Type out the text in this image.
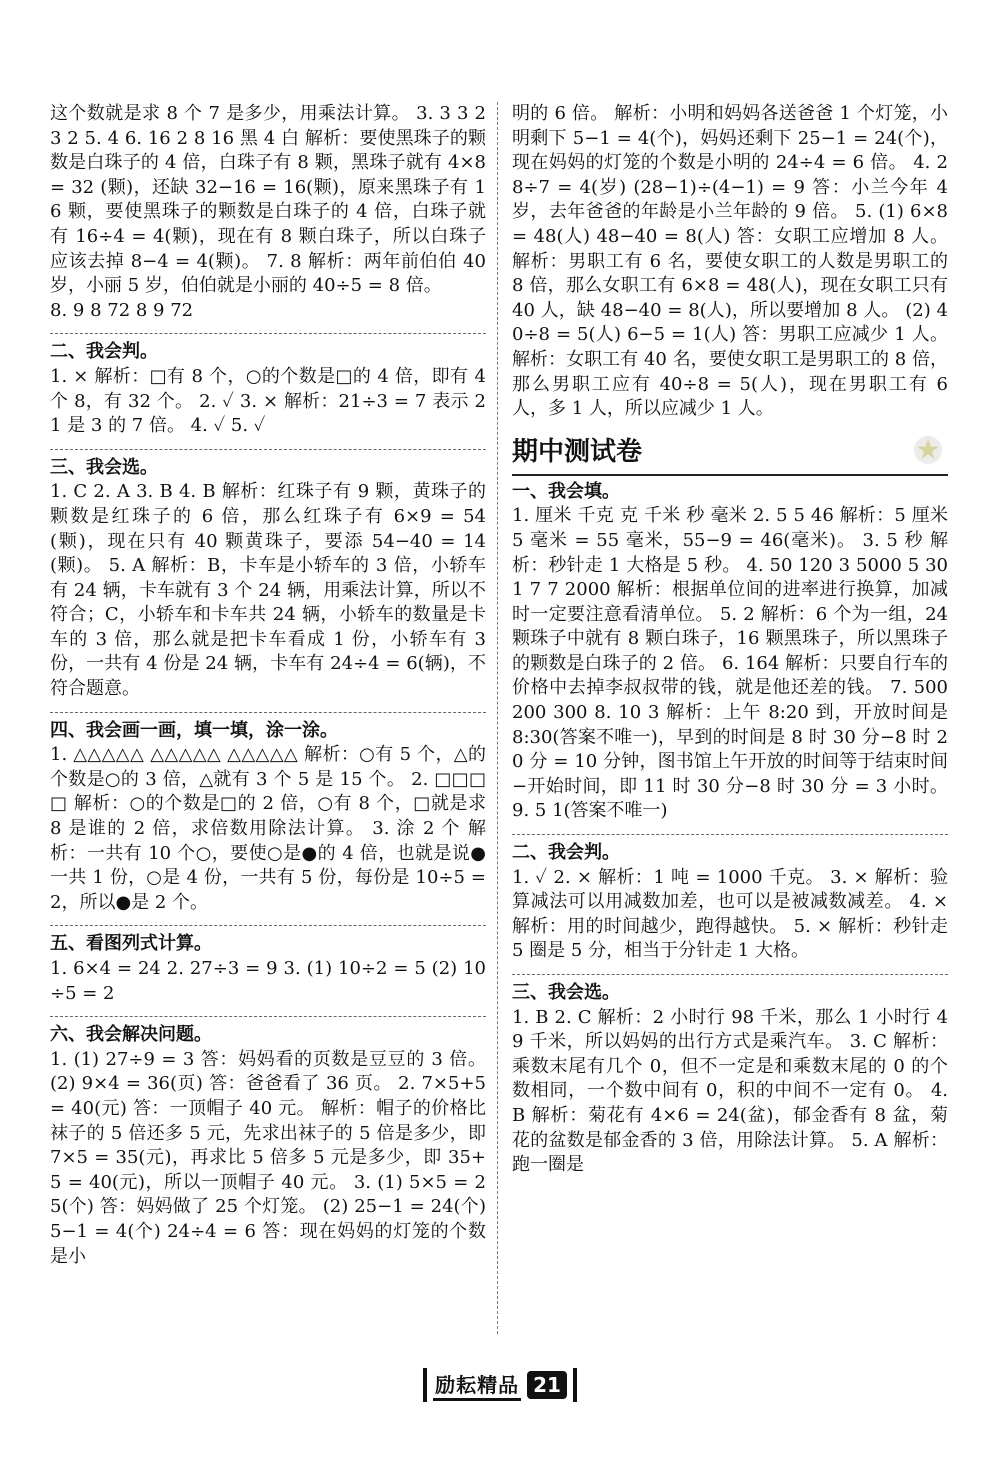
这个数就是求 8 个 7 是多少，用乘法计算。 3. 3 3 2 3 2 5. 4 6. 16 2 8 16 黑 4 白 解析：要使黑珠子的颗数是白珠子的 4 倍，白珠子有 8 颗，黑珠子就有 4×8 = 32 (颗)，还缺 32−16 = 16(颗)，原来黑珠子有 16 颗，要使黑珠子的颗数是白珠子的 4 倍，白珠子就有 16÷4 = 4(颗)，现在有 8 颗白珠子，所以白珠子应该去掉 8−4 = 4(颗)。 7. 8 解析：两年前伯伯 40 岁，小丽 5 岁，伯伯就是小丽的 40÷5 = 8 倍。

8. 9 8 72 8 9 72

二、我会判。

1. × 解析：□有 8 个，○的个数是□的 4 倍，即有 4 个 8，有 32 个。 2. ✓ 3. × 解析：21÷3 = 7 表示 21 是 3 的 7 倍。 4. ✓ 5. ✓

三、我会选。

1. C 2. A 3. B 4. B 解析：红珠子有 9 颗，黄珠子的颗数是红珠子的 6 倍，那么红珠子有 6×9 = 54(颗)，现在只有 40 颗黄珠子，要添 54−40 = 14(颗)。 5. A 解析：B，卡车是小轿车的 3 倍，小轿车有 24 辆，卡车就有 3 个 24 辆，用乘法计算，所以不符合；C，小轿车和卡车共 24 辆，小轿车的数量是卡车的 3 倍，那么就是把卡车看成 1 份，小轿车有 3 份，一共有 4 份是 24 辆，卡车有 24÷4 = 6(辆)，不符合题意。

四、我会画一画，填一填，涂一涂。

1. △△△△△ △△△△△ △△△△△ 解析：○有 5 个，△的个数是○的 3 倍，△就有 3 个 5 是 15 个。 2. □□□□ 解析：○的个数是□的 2 倍，○有 8 个，□就是求 8 是谁的 2 倍，求倍数用除法计算。 3. 涂 2 个 解析：一共有 10 个○，要使○是●的 4 倍，也就是说●一共 1 份，○是 4 份，一共有 5 份，每份是 10÷5 = 2，所以●是 2 个。

五、看图列式计算。

1. 6×4 = 24 2. 27÷3 = 9 3. (1) 10÷2 = 5 (2) 10÷5 = 2

六、我会解决问题。

1. (1) 27÷9 = 3 答：妈妈看的页数是豆豆的 3 倍。 (2) 9×4 = 36(页) 答：爸爸看了 36 页。 2. 7×5+5 = 40(元) 答：一顶帽子 40 元。 解析：帽子的价格比袜子的 5 倍还多 5 元，先求出袜子的 5 倍是多少，即 7×5 = 35(元)，再求比 5 倍多 5 元是多少，即 35+5 = 40(元)，所以一顶帽子 40 元。 3. (1) 5×5 = 25(个) 答：妈妈做了 25 个灯笼。 (2) 25−1 = 24(个) 5−1 = 4(个) 24÷4 = 6 答：现在妈妈的灯笼的个数是小

明的 6 倍。 解析：小明和妈妈各送爸爸 1 个灯笼，小明剩下 5−1 = 4(个)，妈妈还剩下 25−1 = 24(个)，现在妈妈的灯笼的个数是小明的 24÷4 = 6 倍。 4. 28÷7 = 4(岁) (28−1)÷(4−1) = 9 答：小兰今年 4 岁，去年爸爸的年龄是小兰年龄的 9 倍。 5. (1) 6×8 = 48(人) 48−40 = 8(人) 答：女职工应增加 8 人。 解析：男职工有 6 名，要使女职工的人数是男职工的 8 倍，那么女职工有 6×8 = 48(人)，现在女职工只有 40 人，缺 48−40 = 8(人)，所以要增加 8 人。 (2) 40÷8 = 5(人) 6−5 = 1(人) 答：男职工应减少 1 人。 解析：女职工有 40 名，要使女职工是男职工的 8 倍，那么男职工应有 40÷8 = 5(人)，现在男职工有 6 人，多 1 人，所以应减少 1 人。

期中测试卷	★

一、我会填。

1. 厘米 千克 克 千米 秒 毫米 2. 5 5 46 解析：5 厘米 5 毫米 = 55 毫米，55−9 = 46(毫米)。 3. 5 秒 解析：秒针走 1 大格是 5 秒。 4. 50 120 3 5000 5 30 1 7 7 2000 解析：根据单位间的进率进行换算，加减时一定要注意看清单位。 5. 2 解析：6 个为一组，24 颗珠子中就有 8 颗白珠子，16 颗黑珠子，所以黑珠子的颗数是白珠子的 2 倍。 6. 164 解析：只要自行车的价格中去掉李叔叔带的钱，就是他还差的钱。 7. 500 200 300 8. 10 3 解析：上午 8:20 到，开放时间是 8:30(答案不唯一)，早到的时间是 8 时 30 分−8 时 20 分 = 10 分钟，图书馆上午开放的时间等于结束时间−开始时间，即 11 时 30 分−8 时 30 分 = 3 小时。 9. 5 1(答案不唯一)

二、我会判。

1. ✓ 2. × 解析：1 吨 = 1000 千克。 3. × 解析：验算减法可以用减数加差，也可以是被减数减差。 4. × 解析：用的时间越少，跑得越快。 5. × 解析：秒针走 5 圈是 5 分，相当于分针走 1 大格。

三、我会选。

1. B 2. C 解析：2 小时行 98 千米，那么 1 小时行 49 千米，所以妈妈的出行方式是乘汽车。 3. C 解析：乘数末尾有几个 0，但不一定是和乘数末尾的 0 的个数相同，一个数中间有 0，积的中间不一定有 0。 4. B 解析：菊花有 4×6 = 24(盆)，郁金香有 8 盆，菊花的盆数是郁金香的 3 倍，用除法计算。 5. A 解析：跑一圈是

励耘精品 21
